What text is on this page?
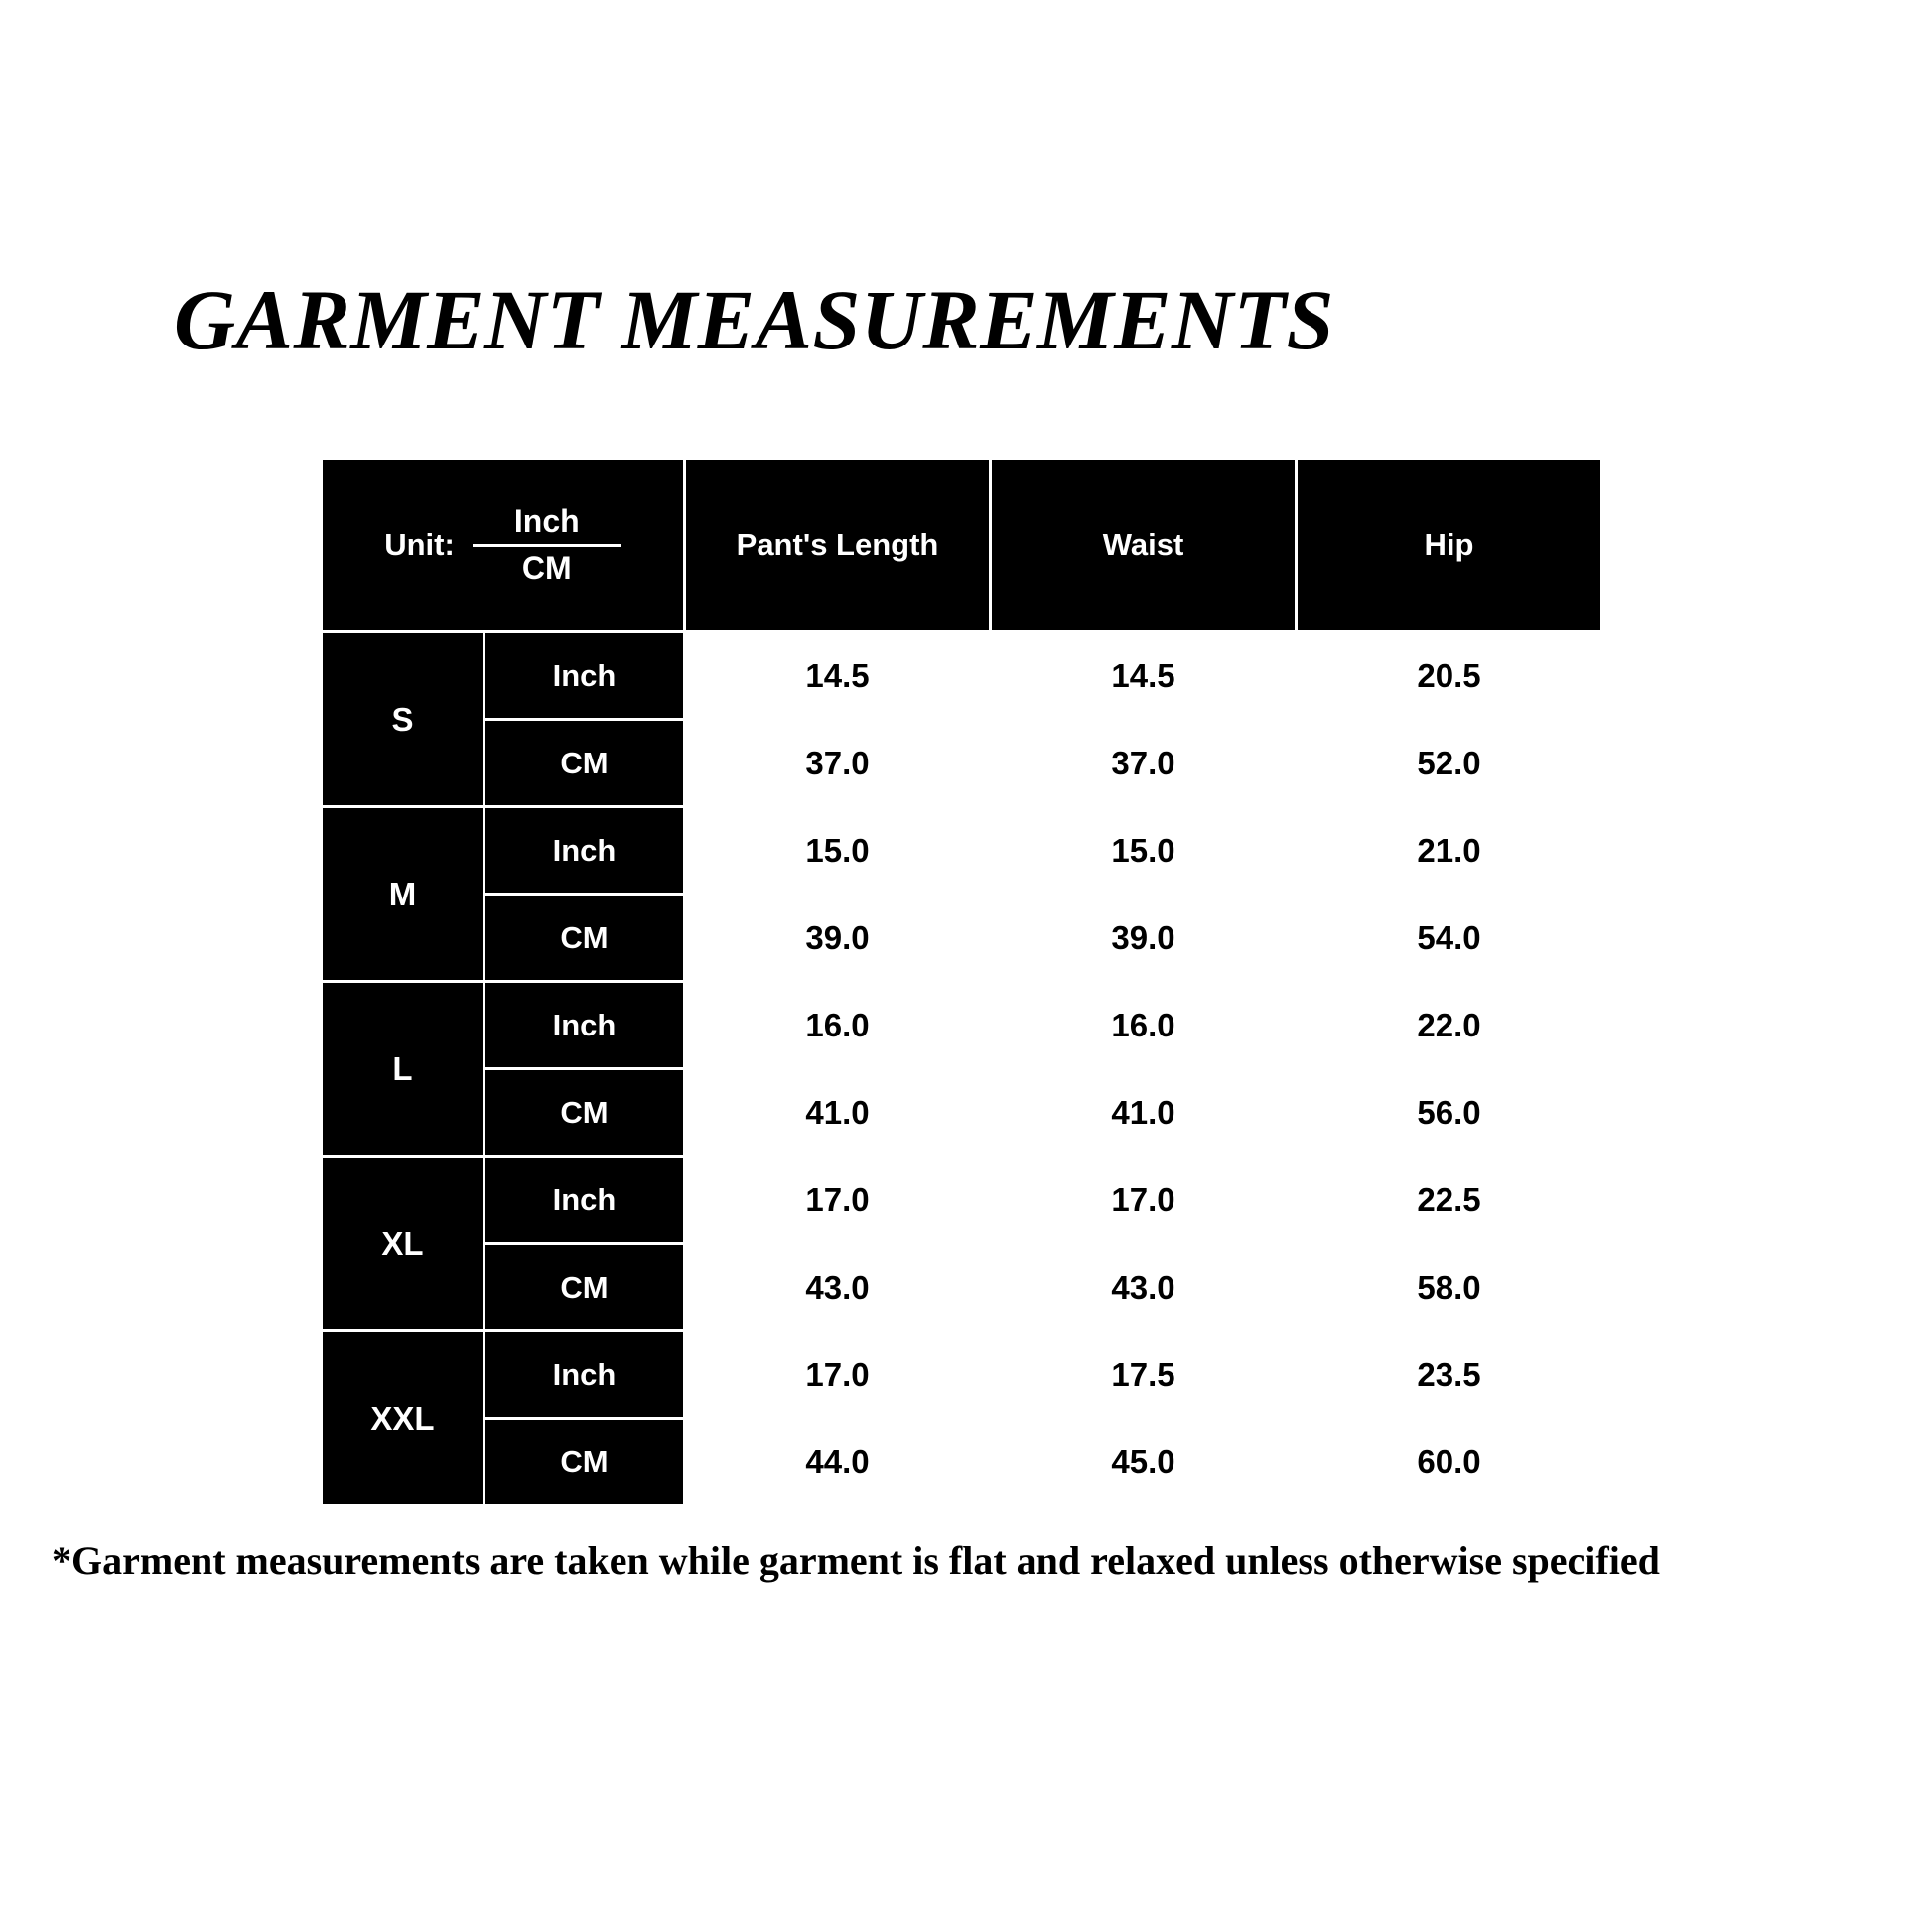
GARMENT MEASUREMENTS
Unit: $\frac{\text{Inch}}{CM}$		Pant's Length	Waist	Hip
S	Inch	14.5	14.5	20.5
	CM	37.0	37.0	52.0
M	Inch	15.0	15.0	21.0
	CM	39.0	39.0	54.0
L	Inch	16.0	16.0	22.0
	CM	41.0	41.0	56.0
XL	Inch	17.0	17.0	22.5
	CM	43.0	43.0	58.0
XXL	Inch	17.0	17.5	23.5
	CM	44.0	45.0	60.0
*Garment measurements are taken while garment is flat and relaxed unless otherwise specified
